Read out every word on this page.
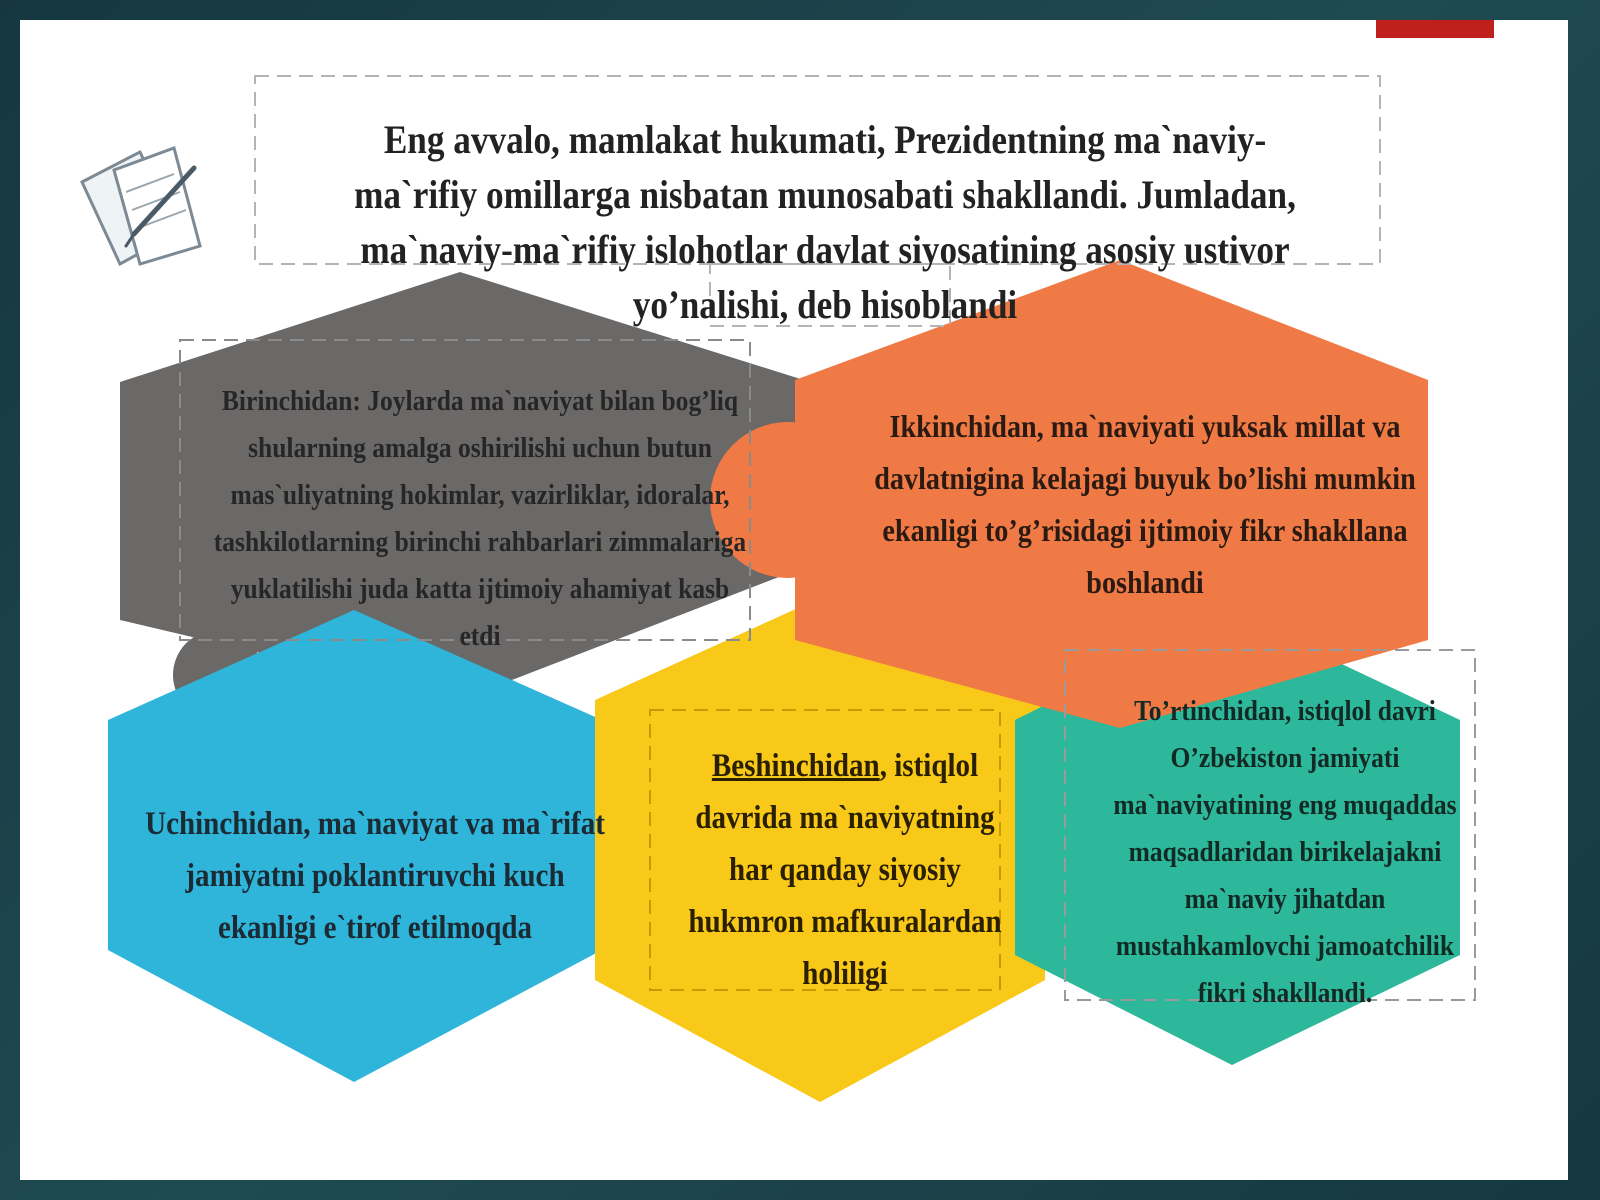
Eng avvalo, mamlakat hukumati, Prezidentning ma`naviy-ma`rifiy omillarga nisbatan munosabati shakllandi. Jumladan, ma`naviy-ma`rifiy islohotlar davlat siyosatining asosiy ustivor yo’nalishi, deb hisoblandi

Birinchidan: Joylarda ma`naviyat bilan bog’liq shularning amalga oshirilishi uchun butun mas`uliyatning hokimlar, vazirliklar, idoralar, tashkilotlarning birinchi rahbarlari zimmalariga yuklatilishi juda katta ijtimoiy ahamiyat kasb etdi

Ikkinchidan, ma`naviyati yuksak millat va davlatnigina kelajagi buyuk bo’lishi mumkin ekanligi to’g’risidagi ijtimoiy fikr shakllana boshlandi

Uchinchidan, ma`naviyat va ma`rifat jamiyatni poklantiruvchi kuch ekanligi e`tirof etilmoqda

Beshinchidan, istiqlol davrida ma`naviyatning har qanday siyosiy hukmron mafkuralardan holiligi

To’rtinchidan, istiqlol davri O’zbekiston jamiyati ma`naviyatining eng muqaddas maqsadlaridan birikelajakni ma`naviy jihatdan mustahkamlovchi jamoatchilik fikri shakllandi.
